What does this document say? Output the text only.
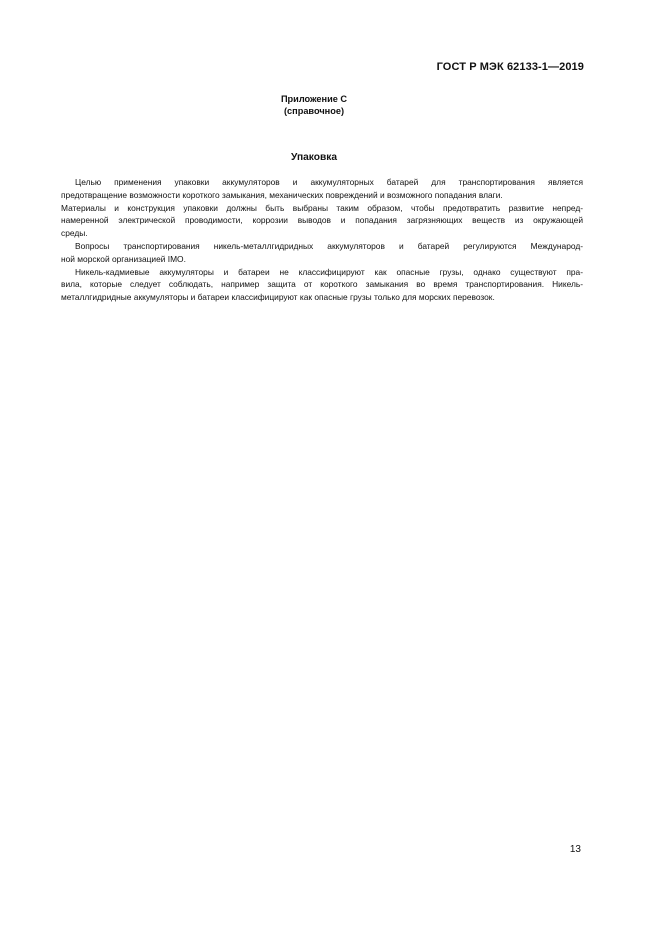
ГОСТ Р МЭК 62133-1—2019
Приложение С
(справочное)
Упаковка

Целью применения упаковки аккумуляторов и аккумуляторных батарей для транспортирования является
предотвращение возможности короткого замыкания, механических повреждений и возможного попадания влаги.

Материалы и конструкция упаковки должны быть выбраны таким образом, чтобы предотвратить развитие непред-
намеренной электрической проводимости, коррозии выводов и попадания загрязняющих веществ из окружающей
среды.

Вопросы транспортирования никель-металлгидридных аккумуляторов и батарей регулируются Международ-
ной морской организацией IMO.

Никель-кадмиевые аккумуляторы и батареи не классифицируют как опасные грузы, однако существуют пра-
вила, которые следует соблюдать, например защита от короткого замыкания во время транспортирования. Никель-
металлгидридные аккумуляторы и батареи классифицируют как опасные грузы только для морских перевозок.

13
